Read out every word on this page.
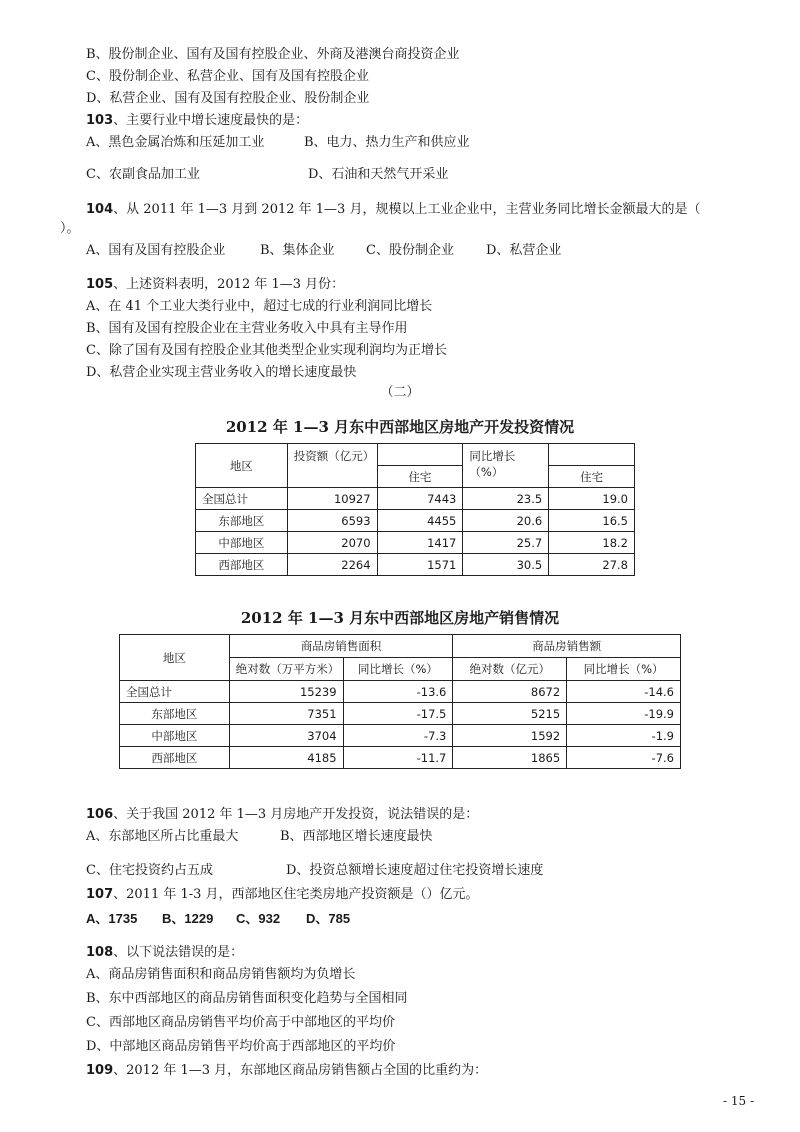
B、股份制企业、国有及国有控股企业、外商及港澳台商投资企业
C、股份制企业、私营企业、国有及国有控股企业
D、私营企业、国有及国有控股企业、股份制企业
103、主要行业中增长速度最快的是：
A、黑色金属冶炼和压延加工业	B、电力、热力生产和供应业
C、农副食品加工业	D、石油和天然气开采业
104、从 2011 年 1—3 月到 2012 年 1—3 月，规模以上工业企业中，主营业务同比增长金额最大的是（
）。
A、国有及国有控股企业	B、集体企业 C、股份制企业 D、私营企业
105、上述资料表明，2012 年 1—3 月份：
A、在 41 个工业大类行业中，超过七成的行业利润同比增长
B、国有及国有控股企业在主营业务收入中具有主导作用
C、除了国有及国有控股企业其他类型企业实现利润均为正增长
D、私营企业实现主营业务收入的增长速度最快
（二）
2012 年 1—3 月东中西部地区房地产开发投资情况
地区	投资额（亿元）		同比增长（%）	
		住宅		住宅
全国总计	10927	7443	23.5	19.0
东部地区	6593	4455	20.6	16.5
中部地区	2070	1417	25.7	18.2
西部地区	2264	1571	30.5	27.8
2012 年 1—3 月东中西部地区房地产销售情况
地区	商品房销售面积		商品房销售额	
	绝对数（万平方米）	同比增长（%）	绝对数（亿元）	同比增长（%）
全国总计	15239	-13.6	8672	-14.6
东部地区	7351	-17.5	5215	-19.9
中部地区	3704	-7.3	1592	-1.9
西部地区	4185	-11.7	1865	-7.6
106、关于我国 2012 年 1—3 月房地产开发投资，说法错误的是：
A、东部地区所占比重最大	B、西部地区增长速度最快
C、住宅投资约占五成	D、投资总额增长速度超过住宅投资增长速度
107、2011 年 1-3 月，西部地区住宅类房地产投资额是（）亿元。
A、1735 B、1229 C、932 D、785
108、以下说法错误的是：
A、商品房销售面积和商品房销售额均为负增长
B、东中西部地区的商品房销售面积变化趋势与全国相同
C、西部地区商品房销售平均价高于中部地区的平均价
D、中部地区商品房销售平均价高于西部地区的平均价
109、2012 年 1—3 月，东部地区商品房销售额占全国的比重约为：
- 15 -
